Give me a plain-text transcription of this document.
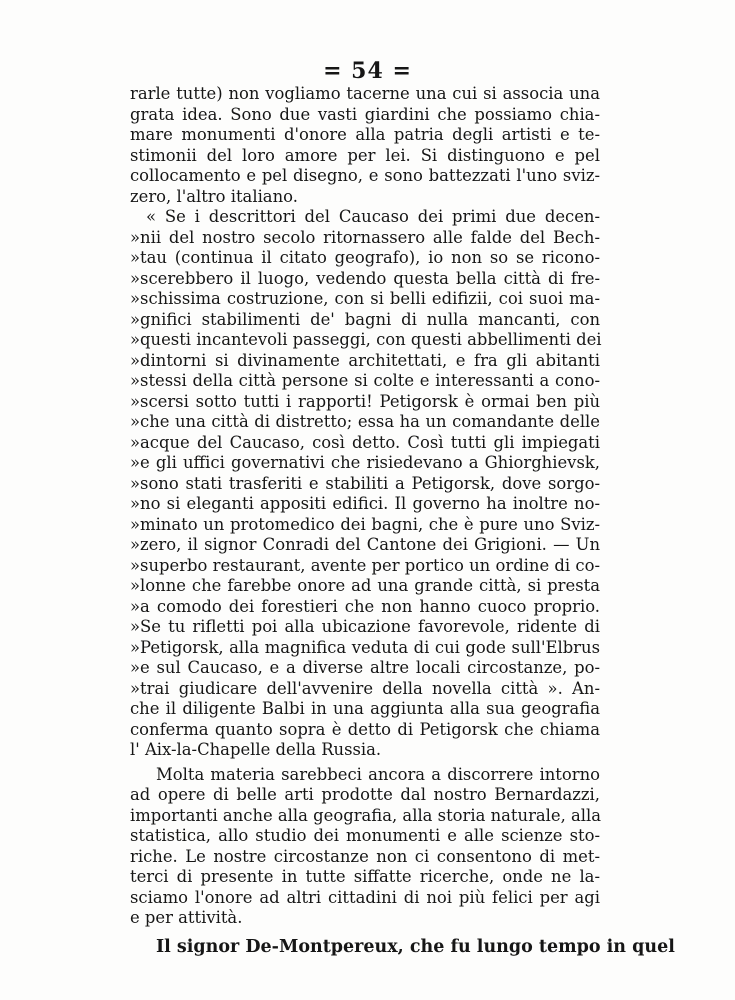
= 54 =
rarle tutte) non vogliamo tacerne una cui si associa una
grata idea. Sono due vasti giardini che possiamo chia-
mare monumenti d'onore alla patria degli artisti e te-
stimonii del loro amore per lei. Si distinguono e pel
collocamento e pel disegno, e sono battezzati l'uno sviz-
zero, l'altro italiano.
« Se i descrittori del Caucaso dei primi due decen-
»nii del nostro secolo ritornassero alle falde del Bech-
»tau (continua il citato geografo), io non so se ricono-
»scerebbero il luogo, vedendo questa bella città di fre-
»schissima costruzione, con si belli edifizii, coi suoi ma-
»gnifici stabilimenti de' bagni di nulla mancanti, con
»questi incantevoli passeggi, con questi abbellimenti dei
»dintorni si divinamente architettati, e fra gli abitanti
»stessi della città persone si colte e interessanti a cono-
»scersi sotto tutti i rapporti! Petigorsk è ormai ben più
»che una città di distretto; essa ha un comandante delle
»acque del Caucaso, così detto. Così tutti gli impiegati
»e gli uffici governativi che risiedevano a Ghiorghievsk,
»sono stati trasferiti e stabiliti a Petigorsk, dove sorgo-
»no si eleganti appositi edifici. Il governo ha inoltre no-
»minato un protomedico dei bagni, che è pure uno Sviz-
»zero, il signor Conradi del Cantone dei Grigioni. — Un
»superbo restaurant, avente per portico un ordine di co-
»lonne che farebbe onore ad una grande città, si presta
»a comodo dei forestieri che non hanno cuoco proprio.
»Se tu rifletti poi alla ubicazione favorevole, ridente di
»Petigorsk, alla magnifica veduta di cui gode sull'Elbrus
»e sul Caucaso, e a diverse altre locali circostanze, po-
»trai giudicare dell'avvenire della novella città ». An-
che il diligente Balbi in una aggiunta alla sua geografia
conferma quanto sopra è detto di Petigorsk che chiama
l' Aix-la-Chapelle della Russia.
Molta materia sarebbeci ancora a discorrere intorno
ad opere di belle arti prodotte dal nostro Bernardazzi,
importanti anche alla geografia, alla storia naturale, alla
statistica, allo studio dei monumenti e alle scienze sto-
riche. Le nostre circostanze non ci consentono di met-
terci di presente in tutte siffatte ricerche, onde ne la-
sciamo l'onore ad altri cittadini di noi più felici per agi
e per attività.
Il signor De-Montpereux, che fu lungo tempo in quel
